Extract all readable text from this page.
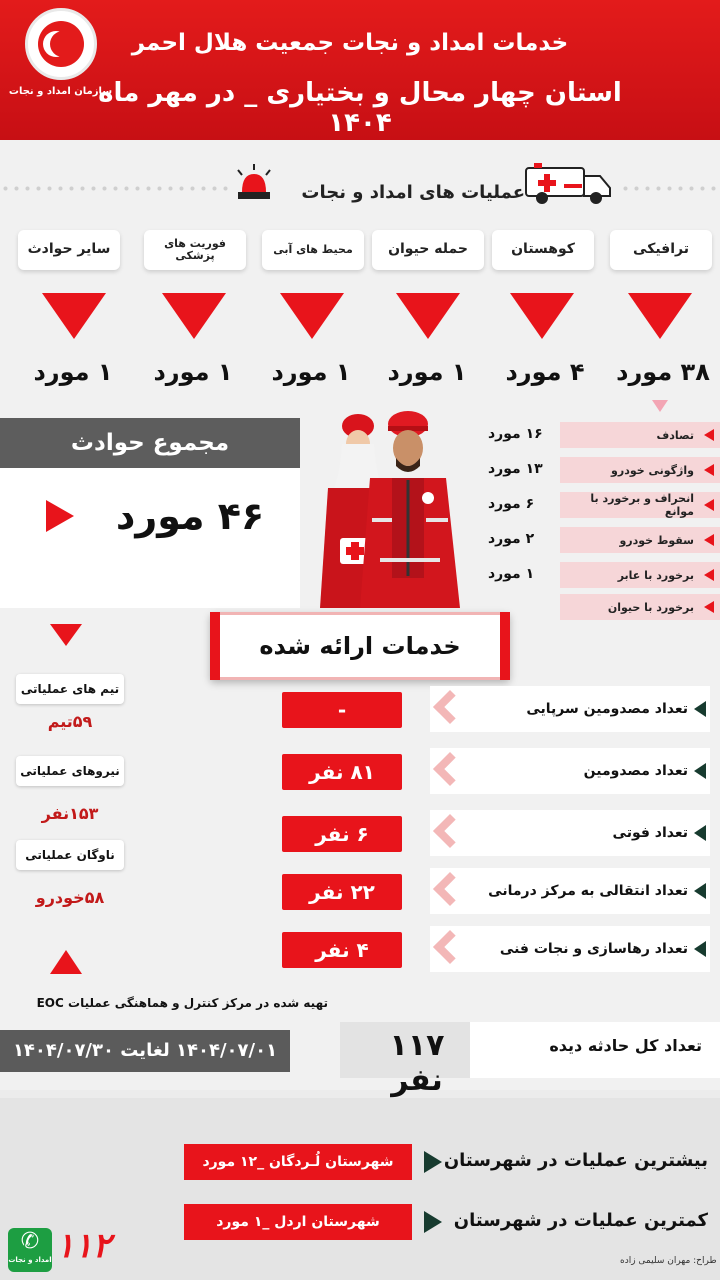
سازمان امداد و نجات
خدمات امداد و نجات جمعیت هلال احمر
استان چهار محال و بختیاری _ در مهر ماه ۱۴۰۴
عملیات های امداد و نجات
ترافیکی
کوهستان
حمله حیوان
محیط های آبی
فوریت های پزشکی
سایر حوادث
۳۸ مورد
۴ مورد
۱ مورد
۱ مورد
۱ مورد
۱ مورد
مجموع حوادث
۴۶ مورد
تصادف
واژگونی خودرو
انحراف و برخورد با موانع
سقوط خودرو
برخورد با عابر
برخورد با حیوان
۱۶ مورد
۱۳ مورد
۶ مورد
۲ مورد
۱ مورد
خدمات ارائه شده
تعداد مصدومین سرپایی
تعداد مصدومین
تعداد فوتی
تعداد انتقالی به مرکز درمانی
تعداد رهاسازی و نجات فنی
-
۸۱ نفر
۶ نفر
۲۲ نفر
۴ نفر
تیم های عملیاتی
۵۹تیم
نیروهای عملیاتی
۱۵۳نفر
ناوگان عملیاتی
۵۸خودرو
تهیه شده در مرکز کنترل و هماهنگی عملیات EOC
۱۴۰۴/۰۷/۰۱ لغایت ۱۴۰۴/۰۷/۳۰	تعداد کل حادثه دیده
۱۱۷ نفر
بیشترین عملیات در شهرستان
شهرستان لُـردگان _۱۲ مورد
کمترین عملیات در شهرستان
شهرستان اردل _۱ مورد
✆
امداد و نجات ۱۱۲	طراح: مهران سلیمی زاده
